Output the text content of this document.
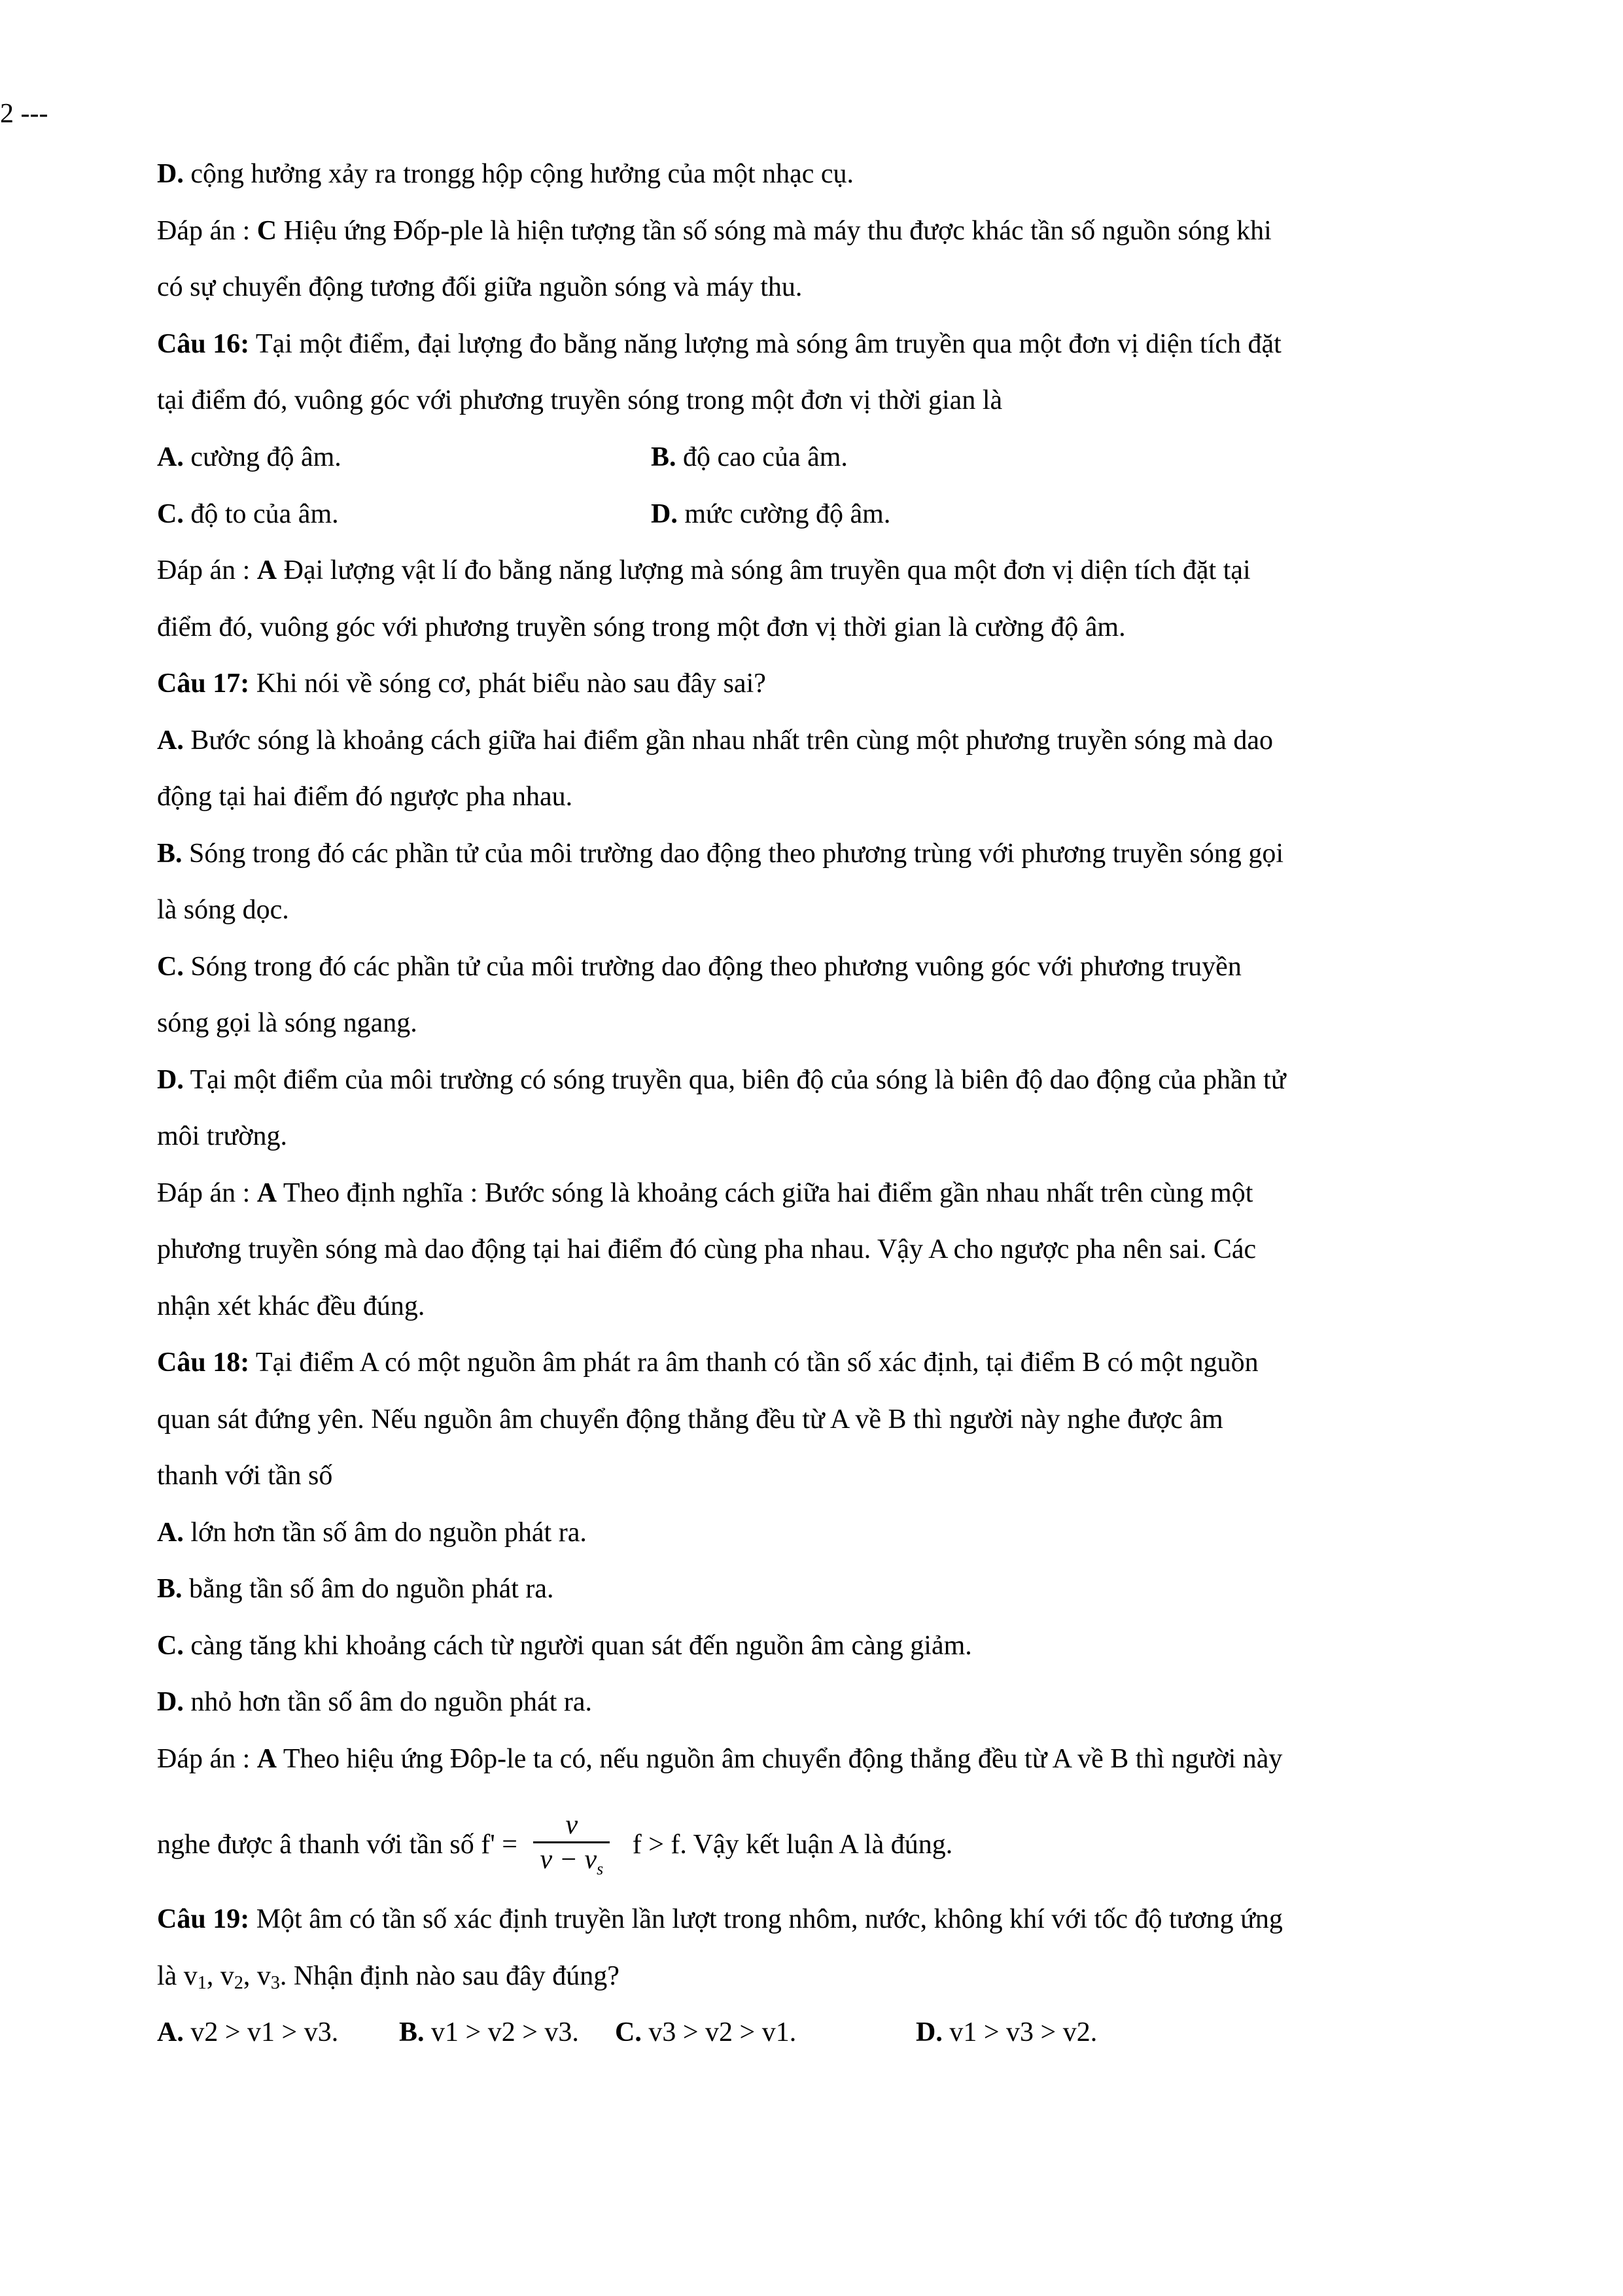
2 ---
D. cộng hưởng xảy ra trongg hộp cộng hưởng của một nhạc cụ.
Đáp án : C Hiệu ứng Đốp-ple là hiện tượng tần số sóng mà máy thu được khác tần số nguồn sóng khi
có sự chuyển động tương đối giữa nguồn sóng và máy thu.
Câu 16: Tại một điểm, đại lượng đo bằng năng lượng mà sóng âm truyền qua một đơn vị diện tích đặt
tại điểm đó, vuông góc với phương truyền sóng trong một đơn vị thời gian là
A. cường độ âm.	B. độ cao của âm.
C. độ to của âm.	D. mức cường độ âm.
Đáp án : A Đại lượng vật lí đo bằng năng lượng mà sóng âm truyền qua một đơn vị diện tích đặt tại
điểm đó, vuông góc với phương truyền sóng trong một đơn vị thời gian là cường độ âm.
Câu 17: Khi nói về sóng cơ, phát biểu nào sau đây sai?
A. Bước sóng là khoảng cách giữa hai điểm gần nhau nhất trên cùng một phương truyền sóng mà dao
động tại hai điểm đó ngược pha nhau.
B. Sóng trong đó các phần tử của môi trường dao động theo phương trùng với phương truyền sóng gọi
là sóng dọc.
C. Sóng trong đó các phần tử của môi trường dao động theo phương vuông góc với phương truyền
sóng gọi là sóng ngang.
D. Tại một điểm của môi trường có sóng truyền qua, biên độ của sóng là biên độ dao động của phần tử
môi trường.
Đáp án : A Theo định nghĩa : Bước sóng là khoảng cách giữa hai điểm gần nhau nhất trên cùng một
phương truyền sóng mà dao động tại hai điểm đó cùng pha nhau. Vậy A cho ngược pha nên sai. Các
nhận xét khác đều đúng.
Câu 18: Tại điểm A có một nguồn âm phát ra âm thanh có tần số xác định, tại điểm B có một nguồn
quan sát đứng yên. Nếu nguồn âm chuyển động thẳng đều từ A về B thì người này nghe được âm
thanh với tần số
A. lớn hơn tần số âm do nguồn phát ra.
B. bằng tần số âm do nguồn phát ra.
C. càng tăng khi khoảng cách từ người quan sát đến nguồn âm càng giảm.
D. nhỏ hơn tần số âm do nguồn phát ra.
Đáp án : A Theo hiệu ứng Đôp-le ta có, nếu nguồn âm chuyển động thẳng đều từ A về B thì người này
nghe được â thanh với tần số $f' = \frac{v}{v - v_s}$ f > f. Vậy kết luận A là đúng.
Câu 19: Một âm có tần số xác định truyền lần lượt trong nhôm, nước, không khí với tốc độ tương ứng
là $v_1$, $v_2$, $v_3$. Nhận định nào sau đây đúng?
A. v2 > v1 > v3. B. v1 > v2 > v3. C. v3 > v2 > v1.	D. v1 > v3 > v2.
